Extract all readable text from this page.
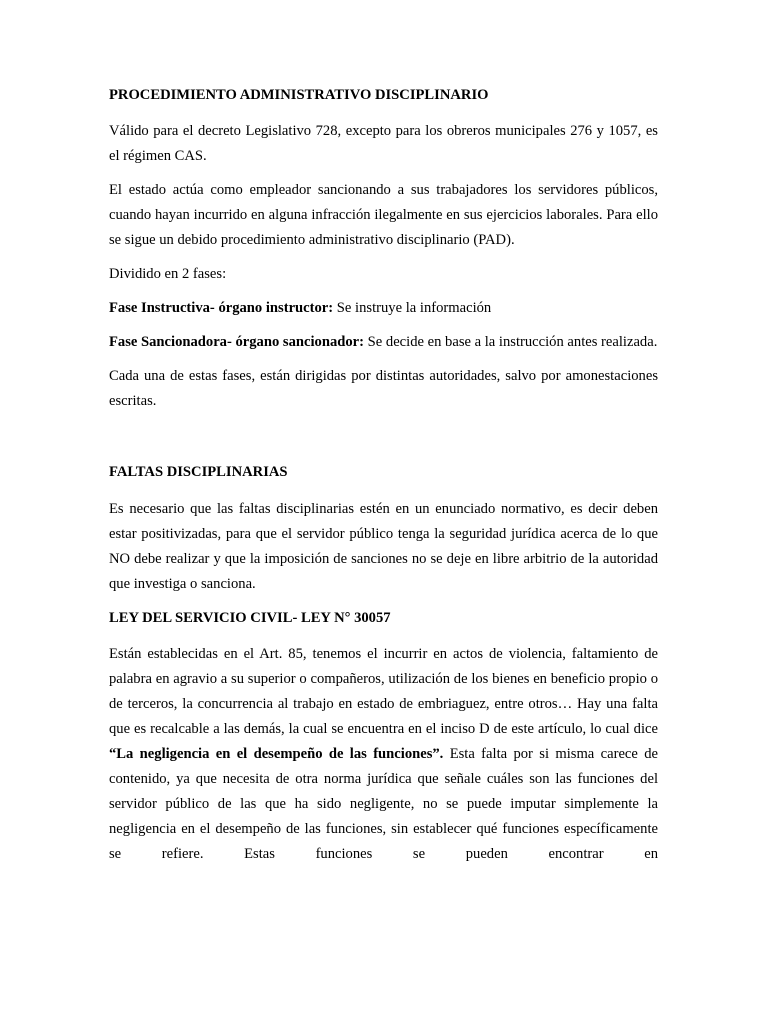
PROCEDIMIENTO ADMINISTRATIVO DISCIPLINARIO

Válido para el decreto Legislativo 728, excepto para los obreros municipales 276 y 1057, es el régimen CAS.

El estado actúa como empleador sancionando a sus trabajadores los servidores públicos, cuando hayan incurrido en alguna infracción ilegalmente en sus ejercicios laborales. Para ello se sigue un debido procedimiento administrativo disciplinario (PAD).

Dividido en 2 fases:

Fase Instructiva- órgano instructor: Se instruye la información

Fase Sancionadora- órgano sancionador: Se decide en base a la instrucción antes realizada.

Cada una de estas fases, están dirigidas por distintas autoridades, salvo por amonestaciones escritas.

FALTAS DISCIPLINARIAS

Es necesario que las faltas disciplinarias estén en un enunciado normativo, es decir deben estar positivizadas, para que el servidor público tenga la seguridad jurídica acerca de lo que NO debe realizar y que la imposición de sanciones no se deje en libre arbitrio de la autoridad que investiga o sanciona.

LEY DEL SERVICIO CIVIL- LEY N° 30057

Están establecidas en el Art. 85, tenemos el incurrir en actos de violencia, faltamiento de palabra en agravio a su superior o compañeros, utilización de los bienes en beneficio propio o de terceros, la concurrencia al trabajo en estado de embriaguez, entre otros… Hay una falta que es recalcable a las demás, la cual se encuentra en el inciso D de este artículo, lo cual dice “La negligencia en el desempeño de las funciones”. Esta falta por si misma carece de contenido, ya que necesita de otra norma jurídica que señale cuáles son las funciones del servidor público de las que ha sido negligente, no se puede imputar simplemente la negligencia en el desempeño de las funciones, sin establecer qué funciones específicamente se refiere. Estas funciones se pueden encontrar en
